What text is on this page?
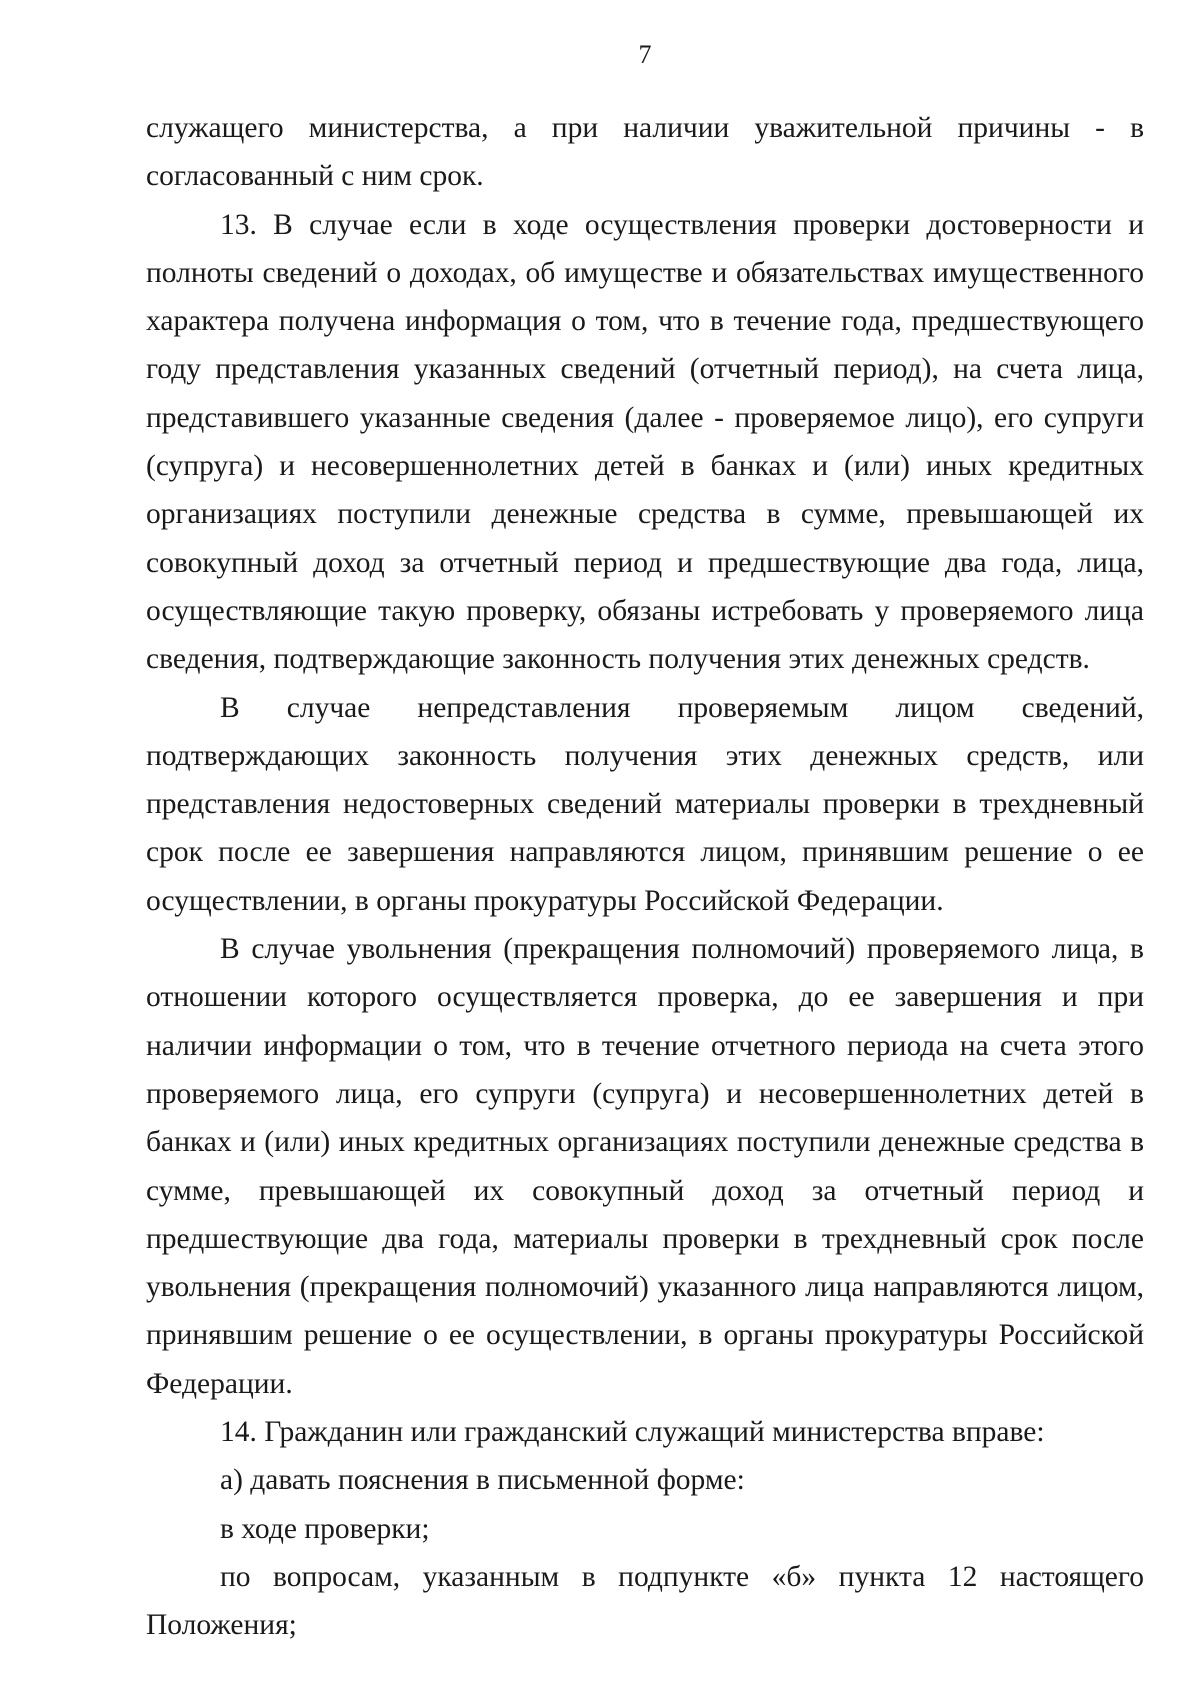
7

служащего министерства, а при наличии уважительной причины - в

согласованный с ним срок.

13. В случае если в ходе осуществления проверки достоверности и полноты сведений о доходах, об имуществе и обязательствах имущественного характера получена информация о том, что в течение года, предшествующего году представления указанных сведений (отчетный период), на счета лица, представившего указанные сведения (далее - проверяемое лицо), его супруги (супруга) и несовершеннолетних детей в банках и (или) иных кредитных организациях поступили денежные средства в сумме, превышающей их совокупный доход за отчетный период и предшествующие два года, лица, осуществляющие такую проверку, обязаны истребовать у проверяемого лица сведения, подтверждающие законность получения этих денежных средств.

В случае непредставления проверяемым лицом сведений, подтверждающих законность получения этих денежных средств, или представления недостоверных сведений материалы проверки в трехдневный срок после ее завершения направляются лицом, принявшим решение о ее осуществлении, в органы прокуратуры Российской Федерации.

В случае увольнения (прекращения полномочий) проверяемого лица, в отношении которого осуществляется проверка, до ее завершения и при наличии информации о том, что в течение отчетного периода на счета этого проверяемого лица, его супруги (супруга) и несовершеннолетних детей в банках и (или) иных кредитных организациях поступили денежные средства в сумме, превышающей их совокупный доход за отчетный период и предшествующие два года, материалы проверки в трехдневный срок после увольнения (прекращения полномочий) указанного лица направляются лицом, принявшим решение о ее осуществлении, в органы прокуратуры Российской Федерации.

14. Гражданин или гражданский служащий министерства вправе:

а) давать пояснения в письменной форме:

в ходе проверки;

по вопросам, указанным в подпункте «б» пункта 12 настоящего Положения;
